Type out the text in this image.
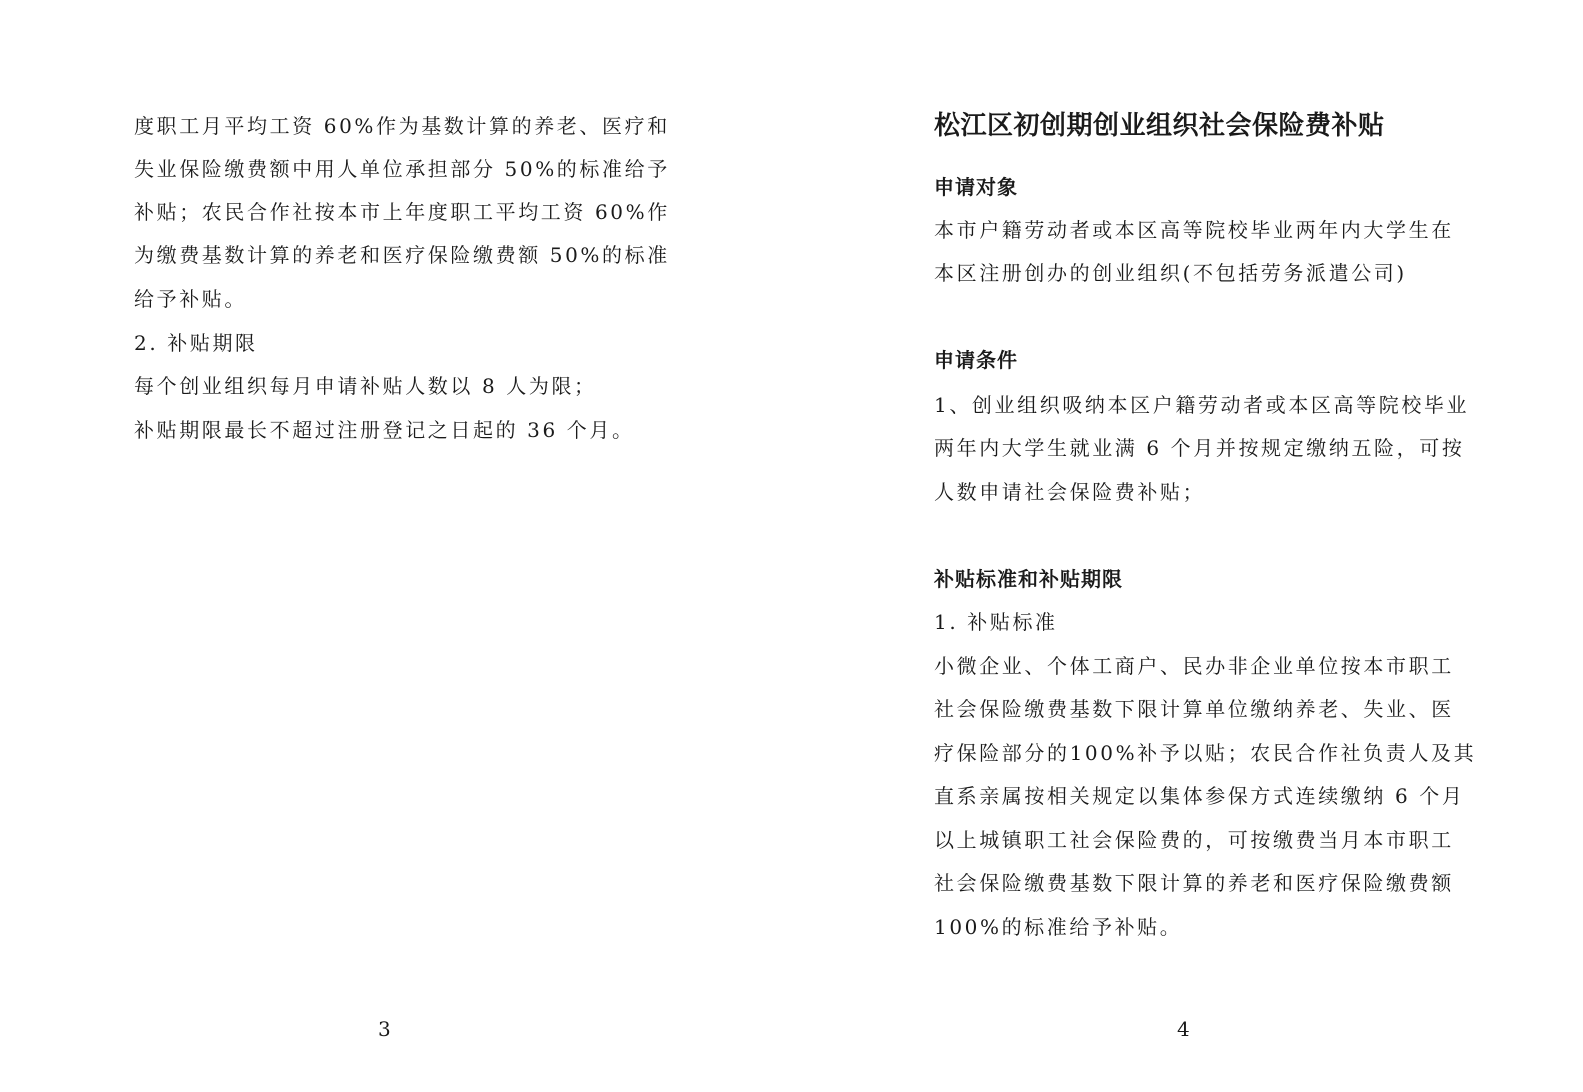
度职工月平均工资 60%作为基数计算的养老、医疗和
失业保险缴费额中用人单位承担部分 50%的标准给予
补贴；农民合作社按本市上年度职工平均工资 60%作
为缴费基数计算的养老和医疗保险缴费额 50%的标准
给予补贴。
2. 补贴期限
每个创业组织每月申请补贴人数以 8 人为限；
补贴期限最长不超过注册登记之日起的 36 个月。
3
松江区初创期创业组织社会保险费补贴
申请对象
本市户籍劳动者或本区高等院校毕业两年内大学生在
本区注册创办的创业组织(不包括劳务派遣公司)
申请条件
1、创业组织吸纳本区户籍劳动者或本区高等院校毕业
两年内大学生就业满 6 个月并按规定缴纳五险，可按
人数申请社会保险费补贴；
补贴标准和补贴期限
1. 补贴标准
小微企业、个体工商户、民办非企业单位按本市职工
社会保险缴费基数下限计算单位缴纳养老、失业、医
疗保险部分的100%补予以贴；农民合作社负责人及其
直系亲属按相关规定以集体参保方式连续缴纳 6 个月
以上城镇职工社会保险费的，可按缴费当月本市职工
社会保险缴费基数下限计算的养老和医疗保险缴费额
100%的标准给予补贴。
4
